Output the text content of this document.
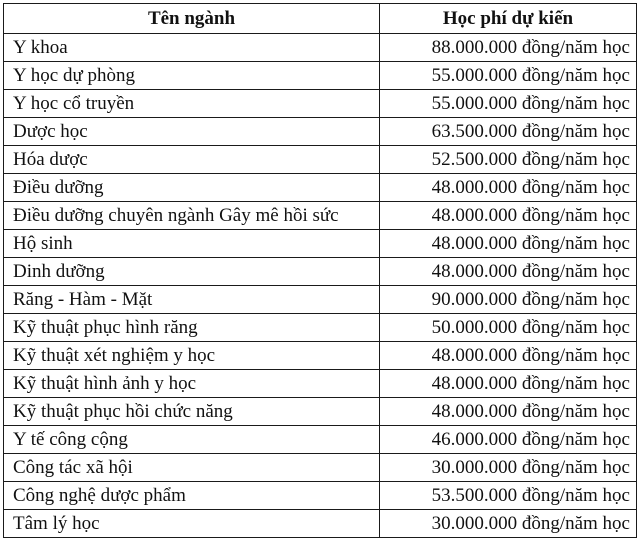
Tên ngành	Học phí dự kiến
Y khoa	88.000.000 đồng/năm học
Y học dự phòng	55.000.000 đồng/năm học
Y học cổ truyền	55.000.000 đồng/năm học
Dược học	63.500.000 đồng/năm học
Hóa dược	52.500.000 đồng/năm học
Điều dưỡng	48.000.000 đồng/năm học
Điều dưỡng chuyên ngành Gây mê hồi sức	48.000.000 đồng/năm học
Hộ sinh	48.000.000 đồng/năm học
Dinh dưỡng	48.000.000 đồng/năm học
Răng - Hàm - Mặt	90.000.000 đồng/năm học
Kỹ thuật phục hình răng	50.000.000 đồng/năm học
Kỹ thuật xét nghiệm y học	48.000.000 đồng/năm học
Kỹ thuật hình ảnh y học	48.000.000 đồng/năm học
Kỹ thuật phục hồi chức năng	48.000.000 đồng/năm học
Y tế công cộng	46.000.000 đồng/năm học
Công tác xã hội	30.000.000 đồng/năm học
Công nghệ dược phẩm	53.500.000 đồng/năm học
Tâm lý học	30.000.000 đồng/năm học
